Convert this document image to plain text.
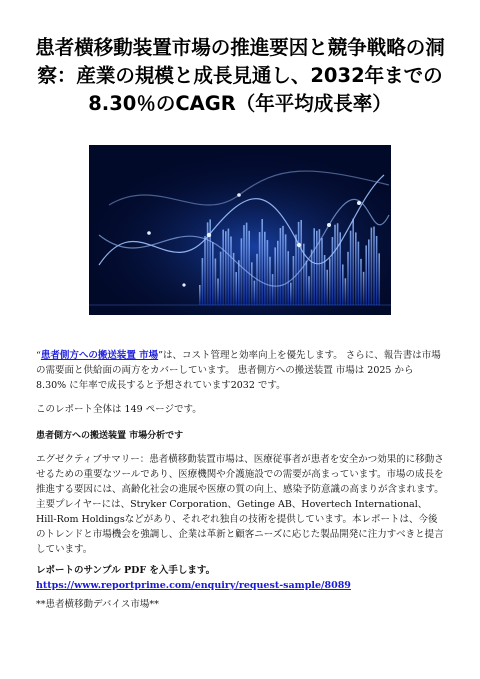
患者横移動装置市場の推進要因と競争戦略の洞察：産業の規模と成長見通し、2032年までの8.30％のCAGR（年平均成長率）

“患者側方への搬送装置 市場”は、コスト管理と効率向上を優先します。 さらに、報告書は市場の需要面と供給面の両方をカバーしています。 患者側方への搬送装置 市場は 2025 から 8.30% に年率で成長すると予想されています2032 です。

このレポート全体は 149 ページです。
患者側方への搬送装置 市場分析です
エグゼクティブサマリー：患者横移動装置市場は、医療従事者が患者を安全かつ効果的に移動させるための重要なツールであり、医療機関や介護施設での需要が高まっています。市場の成長を推進する要因には、高齢化社会の進展や医療の質の向上、感染予防意識の高まりが含まれます。主要プレイヤーには、Stryker Corporation、Getinge AB、Hovertech International、Hill-Rom Holdingsなどがあり、それぞれ独自の技術を提供しています。本レポートは、今後のトレンドと市場機会を強調し、企業は革新と顧客ニーズに応じた製品開発に注力すべきと提言しています。
レポートのサンプル PDF を入手します。 https://www.reportprime.com/enquiry/request-sample/8089
**患者横移動デバイス市場**
